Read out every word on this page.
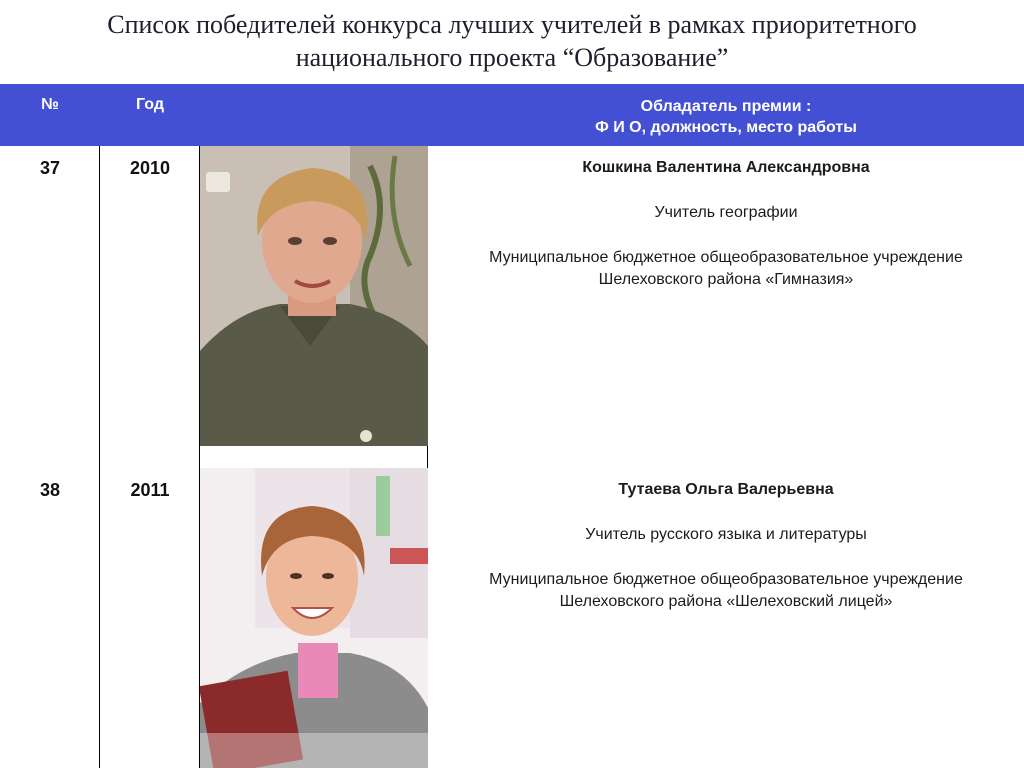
Список победителей конкурса лучших учителей в рамках приоритетного
национального проекта “Образование”
№	Год	Обладатель премии :
Ф И О, должность, место работы
37	2010	Кошкина Валентина Александровна
Учитель географии
Муниципальное бюджетное общеобразовательное учреждение
Шелеховского района «Гимназия»
38	2011	Тутаева Ольга Валерьевна
Учитель русского языка и литературы
Муниципальное бюджетное общеобразовательное учреждение
Шелеховского района «Шелеховский лицей»
